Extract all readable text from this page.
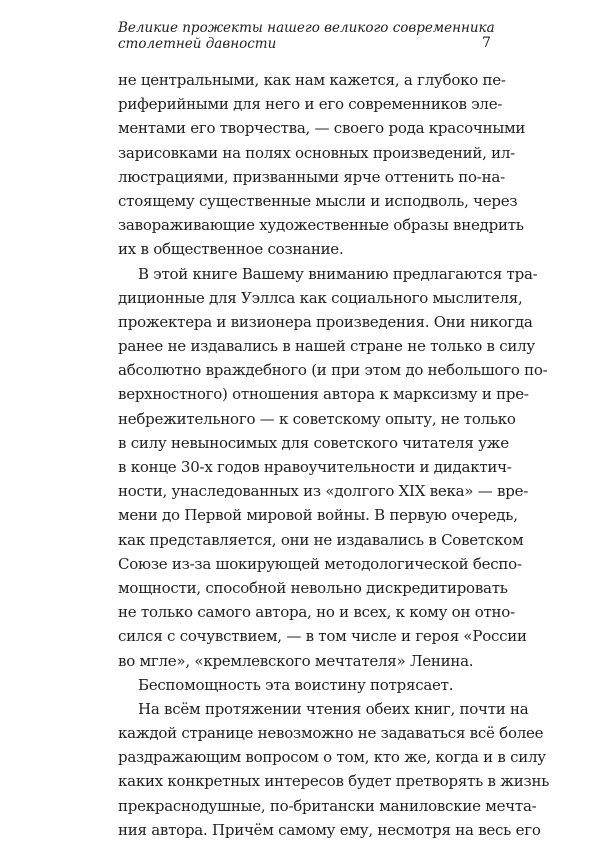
Великие прожекты нашего великого современника
столетней давности	7
не центральными, как нам кажется, а глубоко пе-
риферийными для него и его современников эле-
ментами его творчества, — своего рода красочными
зарисовками на полях основных произведений, ил-
люстрациями, призванными ярче оттенить по-на-
стоящему существенные мысли и исподволь, через
завораживающие художественные образы внедрить
их в общественное сознание.
В этой книге Вашему вниманию предлагаются тра-
диционные для Уэллса как социального мыслителя,
прожектера и визионера произведения. Они никогда
ранее не издавались в нашей стране не только в силу
абсолютно враждебного (и при этом до небольшого по-
верхностного) отношения автора к марксизму и пре-
небрежительного — к советскому опыту, не только
в силу невыносимых для советского читателя уже
в конце 30-х годов нравоучительности и дидактич-
ности, унаследованных из «долгого XIX века» — вре-
мени до Первой мировой войны. В первую очередь,
как представляется, они не издавались в Советском
Союзе из-за шокирующей методологической беспо-
мощности, способной невольно дискредитировать
не только самого автора, но и всех, к кому он отно-
сился с сочувствием, — в том числе и героя «России
во мгле», «кремлевского мечтателя» Ленина.
Беспомощность эта воистину потрясает.
На всём протяжении чтения обеих книг, почти на
каждой странице невозможно не задаваться всё более
раздражающим вопросом о том, кто же, когда и в силу
каких конкретных интересов будет претворять в жизнь
прекраснодушные, по-британски маниловские мечта-
ния автора. Причём самому ему, несмотря на весь его
